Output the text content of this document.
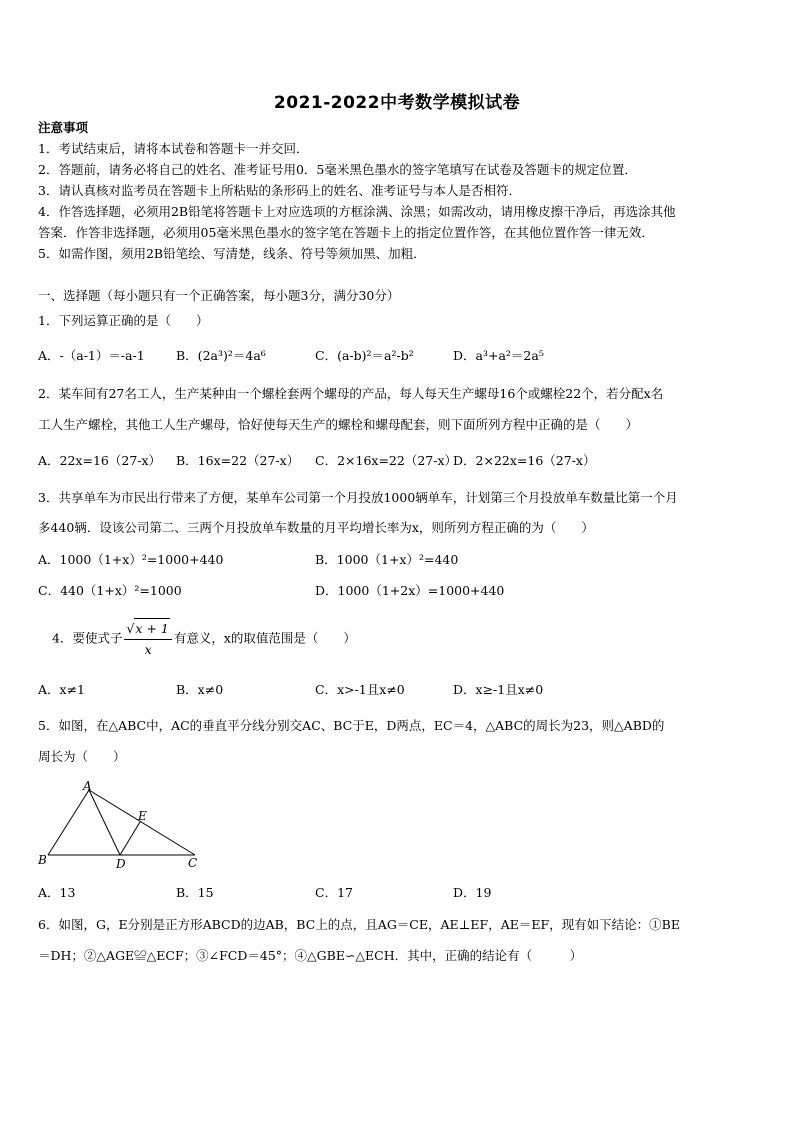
2021-2022中考数学模拟试卷
注意事项
1．考试结束后，请将本试卷和答题卡一并交回．
2．答题前，请务必将自己的姓名、准考证号用0．5毫米黑色墨水的签字笔填写在试卷及答题卡的规定位置．
3．请认真核对监考员在答题卡上所粘贴的条形码上的姓名、准考证号与本人是否相符．
4．作答选择题，必须用2B铅笔将答题卡上对应选项的方框涂满、涂黑；如需改动，请用橡皮擦干净后，再选涂其他
答案．作答非选择题，必须用05毫米黑色墨水的签字笔在答题卡上的指定位置作答，在其他位置作答一律无效．
5．如需作图，须用2B铅笔绘、写清楚，线条、符号等须加黑、加粗．
一、选择题（每小题只有一个正确答案，每小题3分，满分30分）
1．下列运算正确的是（　　）
A．-（a-1）＝-a-1	B．(2a³)²＝4a⁶	C．(a-b)²＝a²-b²	D．a³+a²＝2a⁵
2．某车间有27名工人，生产某种由一个螺栓套两个螺母的产品，每人每天生产螺母16个或螺栓22个，若分配x名
工人生产螺栓，其他工人生产螺母，恰好使每天生产的螺栓和螺母配套，则下面所列方程中正确的是（　　）
A．22x=16（27-x） B．16x=22（27-x） C．2×16x=22（27-x）
D．2×22x=16（27-x）
3．共享单车为市民出行带来了方便，某单车公司第一个月投放1000辆单车，计划第三个月投放单车数量比第一个月
多440辆．设该公司第二、三两个月投放单车数量的月平均增长率为x，则所列方程正确的为（　　）
A．1000（1+x）²=1000+440	B．1000（1+x）²=440
C．440（1+x）²=1000	D．1000（1+2x）=1000+440
4．要使式子 $\frac{√x + 1}{x}$ 有意义，x的取值范围是（　　）
A．x≠1	B．x≠0	C．x>-1且x≠0	D．x≥-1且x≠0
5．如图，在△ABC中，AC的垂直平分线分别交AC、BC于E，D两点，EC＝4，△ABC的周长为23，则△ABD的
周长为（　　）
A
B	C
D
E
A．13	B．15	C．17	D．19
6．如图，G，E分别是正方形ABCD的边AB，BC上的点，且AG＝CE，AE⊥EF，AE＝EF，现有如下结论：①BE
＝DH；②△AGE≌△ECF；③∠FCD＝45°；④△GBE∽△ECH．其中，正确的结论有（　　　）
